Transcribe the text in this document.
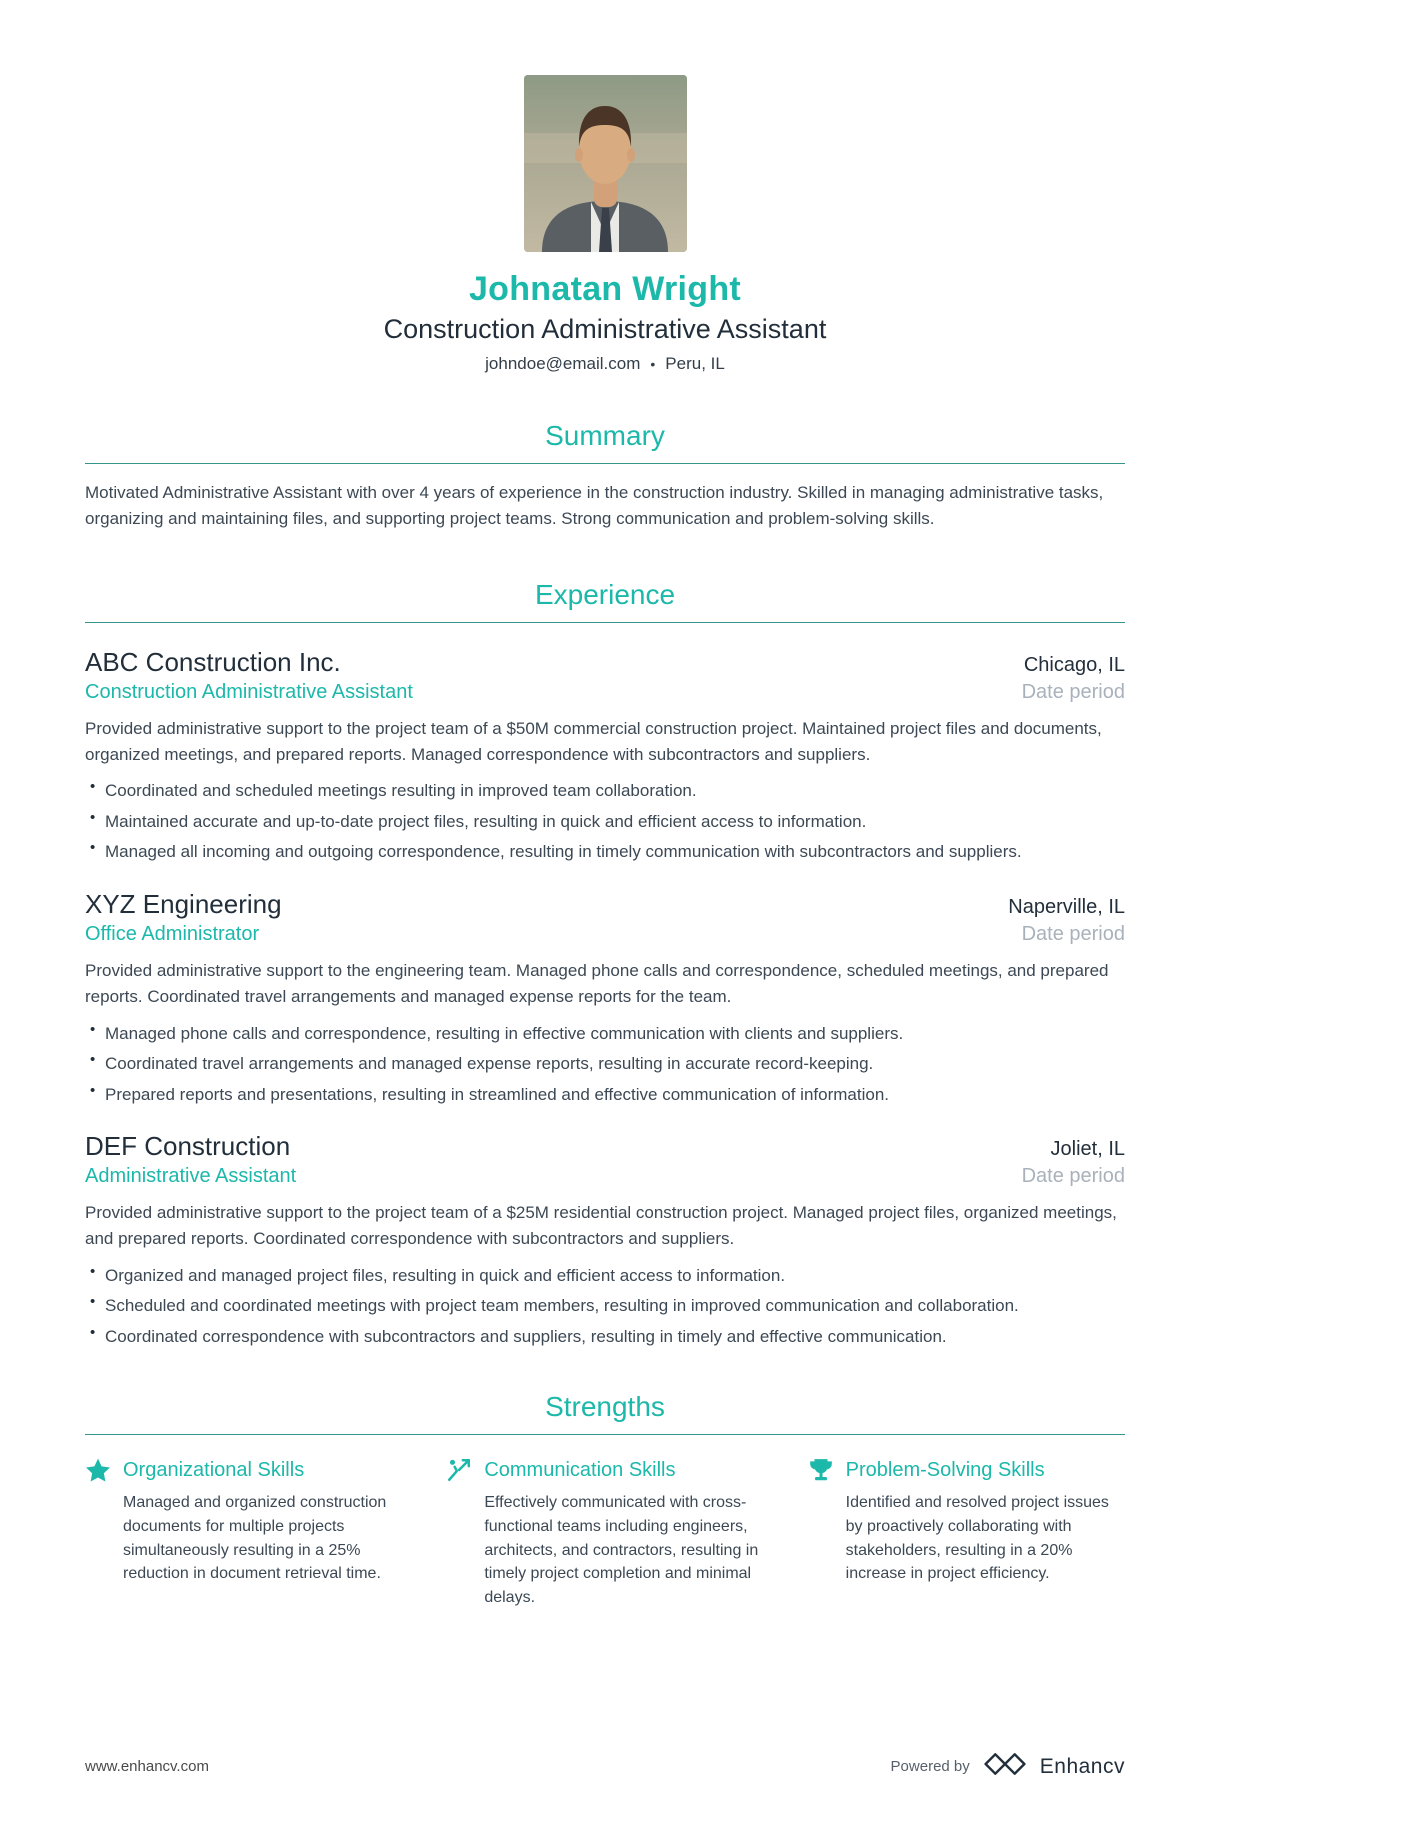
Johnatan Wright
Construction Administrative Assistant
johndoe@email.com • Peru, IL
Summary

Motivated Administrative Assistant with over 4 years of experience in the construction industry. Skilled in managing administrative tasks, organizing and maintaining files, and supporting project teams. Strong communication and problem-solving skills.

Experience
ABC Construction Inc.	Chicago, IL
Construction Administrative Assistant	Date period

Provided administrative support to the project team of a $50M commercial construction project. Maintained project files and documents, organized meetings, and prepared reports. Managed correspondence with subcontractors and suppliers.

• Coordinated and scheduled meetings resulting in improved team collaboration.
• Maintained accurate and up-to-date project files, resulting in quick and efficient access to information.
• Managed all incoming and outgoing correspondence, resulting in timely communication with subcontractors and suppliers.
XYZ Engineering	Naperville, IL
Office Administrator	Date period

Provided administrative support to the engineering team. Managed phone calls and correspondence, scheduled meetings, and prepared reports. Coordinated travel arrangements and managed expense reports for the team.

• Managed phone calls and correspondence, resulting in effective communication with clients and suppliers.
• Coordinated travel arrangements and managed expense reports, resulting in accurate record-keeping.
• Prepared reports and presentations, resulting in streamlined and effective communication of information.
DEF Construction	Joliet, IL
Administrative Assistant	Date period

Provided administrative support to the project team of a $25M residential construction project. Managed project files, organized meetings, and prepared reports. Coordinated correspondence with subcontractors and suppliers.

• Organized and managed project files, resulting in quick and efficient access to information.
• Scheduled and coordinated meetings with project team members, resulting in improved communication and collaboration.
• Coordinated correspondence with subcontractors and suppliers, resulting in timely and effective communication.
Strengths
Organizational Skills

Managed and organized construction documents for multiple projects simultaneously resulting in a 25% reduction in document retrieval time.

Communication Skills

Effectively communicated with cross-functional teams including engineers, architects, and contractors, resulting in timely project completion and minimal delays.

Problem-Solving Skills

Identified and resolved project issues by proactively collaborating with stakeholders, resulting in a 20% increase in project efficiency.

www.enhancv.com	Powered by	Enhancv
